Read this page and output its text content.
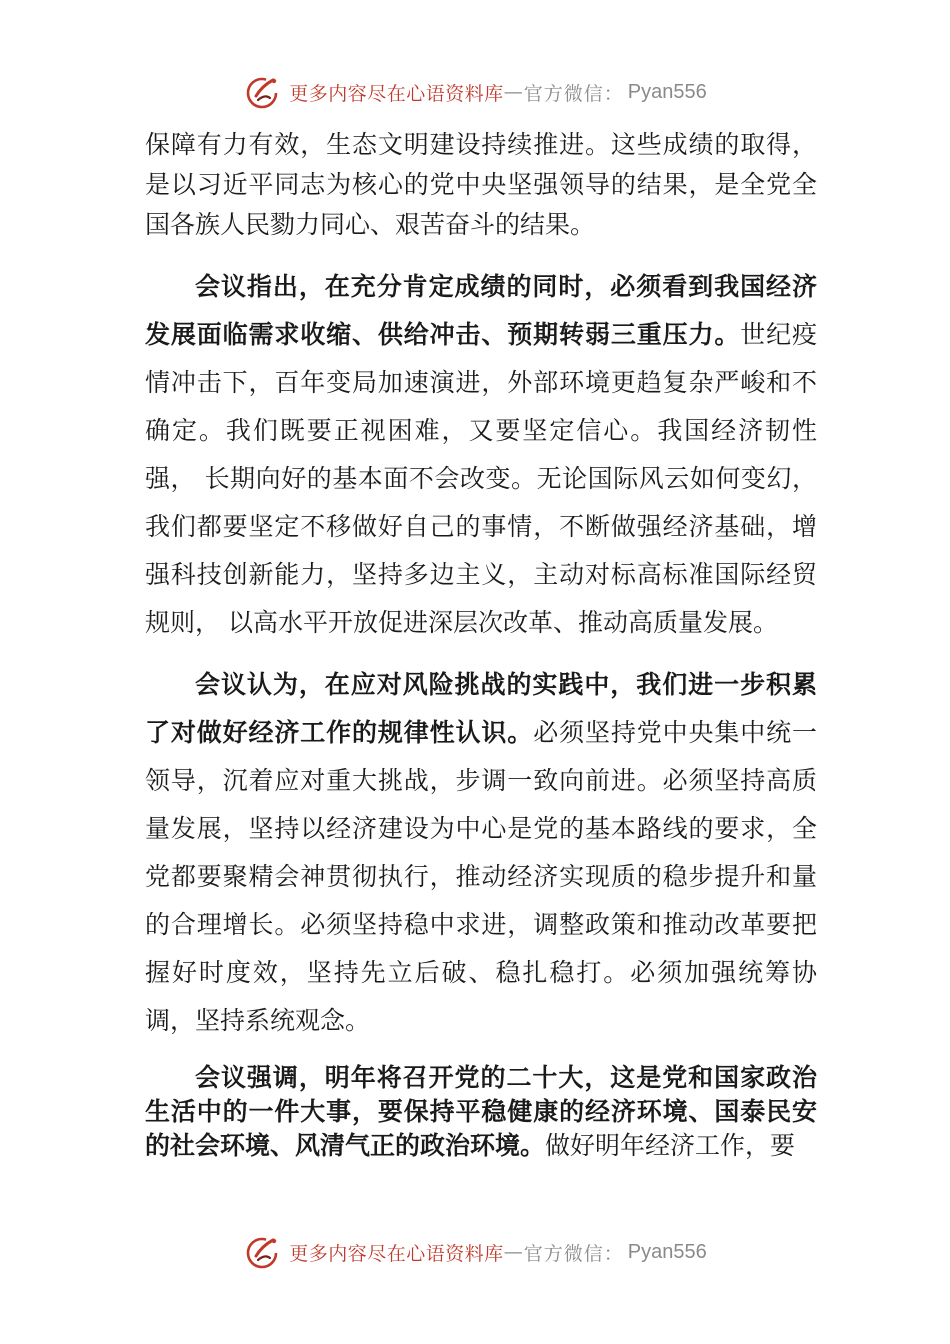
更多内容尽在心语资料库 — 官方微信： Pyan556

保障有力有效，生态文明建设持续推进。这些成绩的取得，是以习近平同志为核心的党中央坚强领导的结果，是全党全国各族人民勠力同心、艰苦奋斗的结果。

会议指出，在充分肯定成绩的同时，必须看到我国经济发展面临需求收缩、供给冲击、预期转弱三重压力。世纪疫情冲击下，百年变局加速演进，外部环境更趋复杂严峻和不确定。我们既要正视困难，又要坚定信心。我国经济韧性强， 长期向好的基本面不会改变。无论国际风云如何变幻，我们都要坚定不移做好自己的事情，不断做强经济基础，增强科技创新能力，坚持多边主义，主动对标高标准国际经贸规则， 以高水平开放促进深层次改革、推动高质量发展。

会议认为，在应对风险挑战的实践中，我们进一步积累了对做好经济工作的规律性认识。必须坚持党中央集中统一领导，沉着应对重大挑战，步调一致向前进。必须坚持高质量发展，坚持以经济建设为中心是党的基本路线的要求，全党都要聚精会神贯彻执行，推动经济实现质的稳步提升和量的合理增长。必须坚持稳中求进，调整政策和推动改革要把握好时度效，坚持先立后破、稳扎稳打。必须加强统筹协调，坚持系统观念。

会议强调，明年将召开党的二十大，这是党和国家政治生活中的一件大事，要保持平稳健康的经济环境、国泰民安的社会环境、风清气正的政治环境。做好明年经济工作，要

更多内容尽在心语资料库 — 官方微信： Pyan556
